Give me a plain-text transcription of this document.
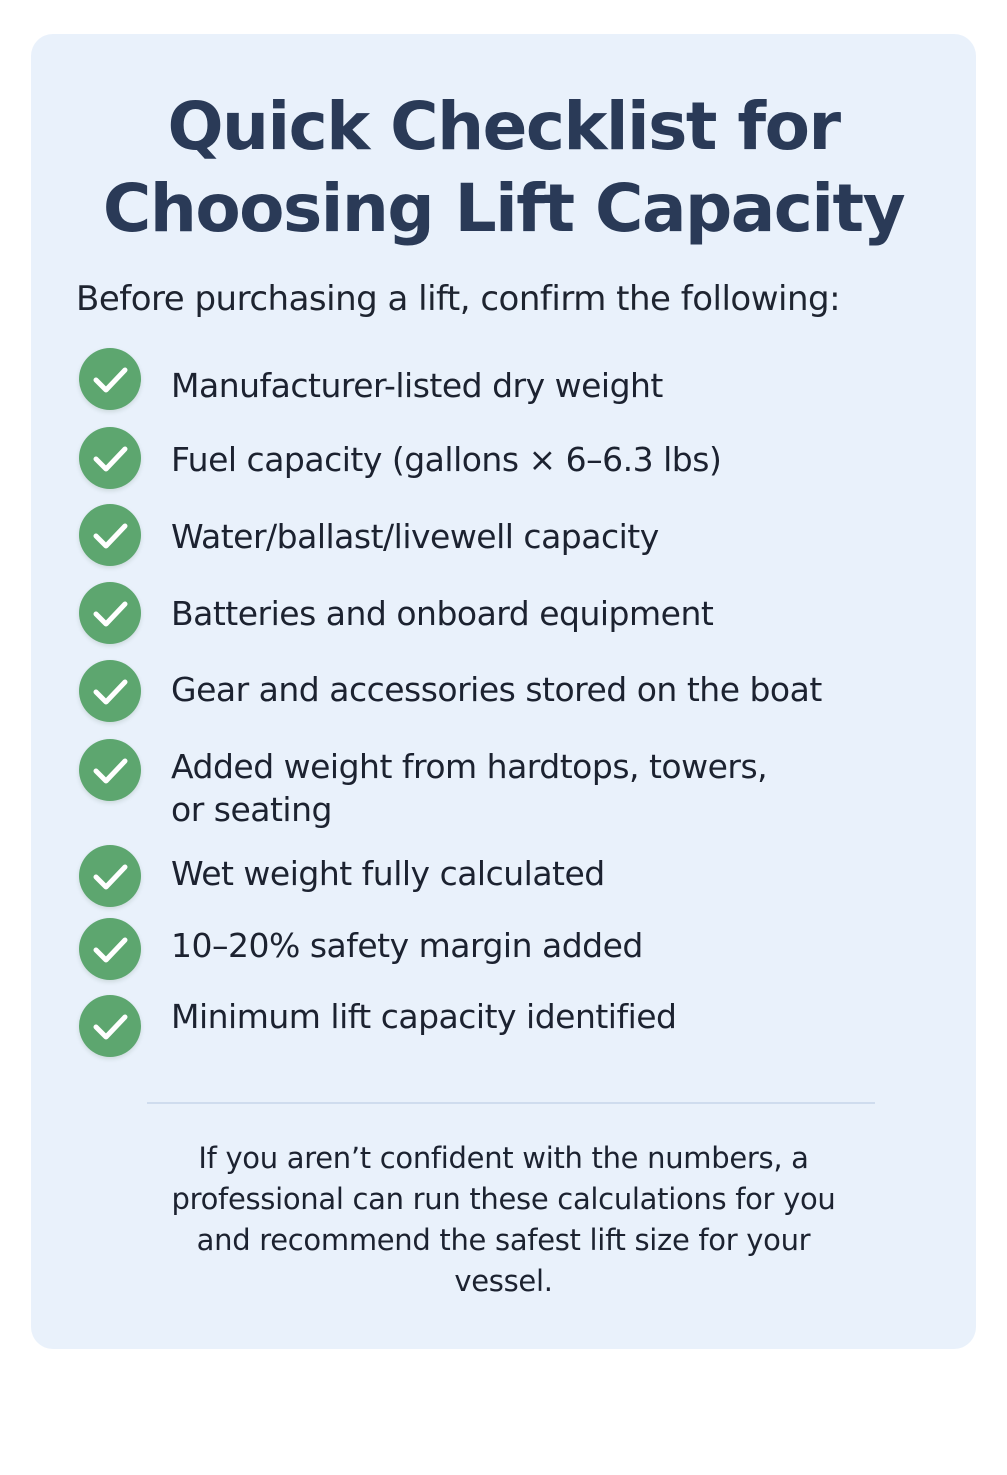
Quick Checklist for
Choosing Lift Capacity

Before purchasing a lift, confirm the following:

Manufacturer-listed dry weight
Fuel capacity (gallons × 6–6.3 lbs)
Water/ballast/livewell capacity
Batteries and onboard equipment
Gear and accessories stored on the boat
Added weight from hardtops, towers,
or seating
Wet weight fully calculated
10–20% safety margin added
Minimum lift capacity identified

If you aren’t confident with the numbers, a
professional can run these calculations for you
and recommend the safest lift size for your
vessel.
